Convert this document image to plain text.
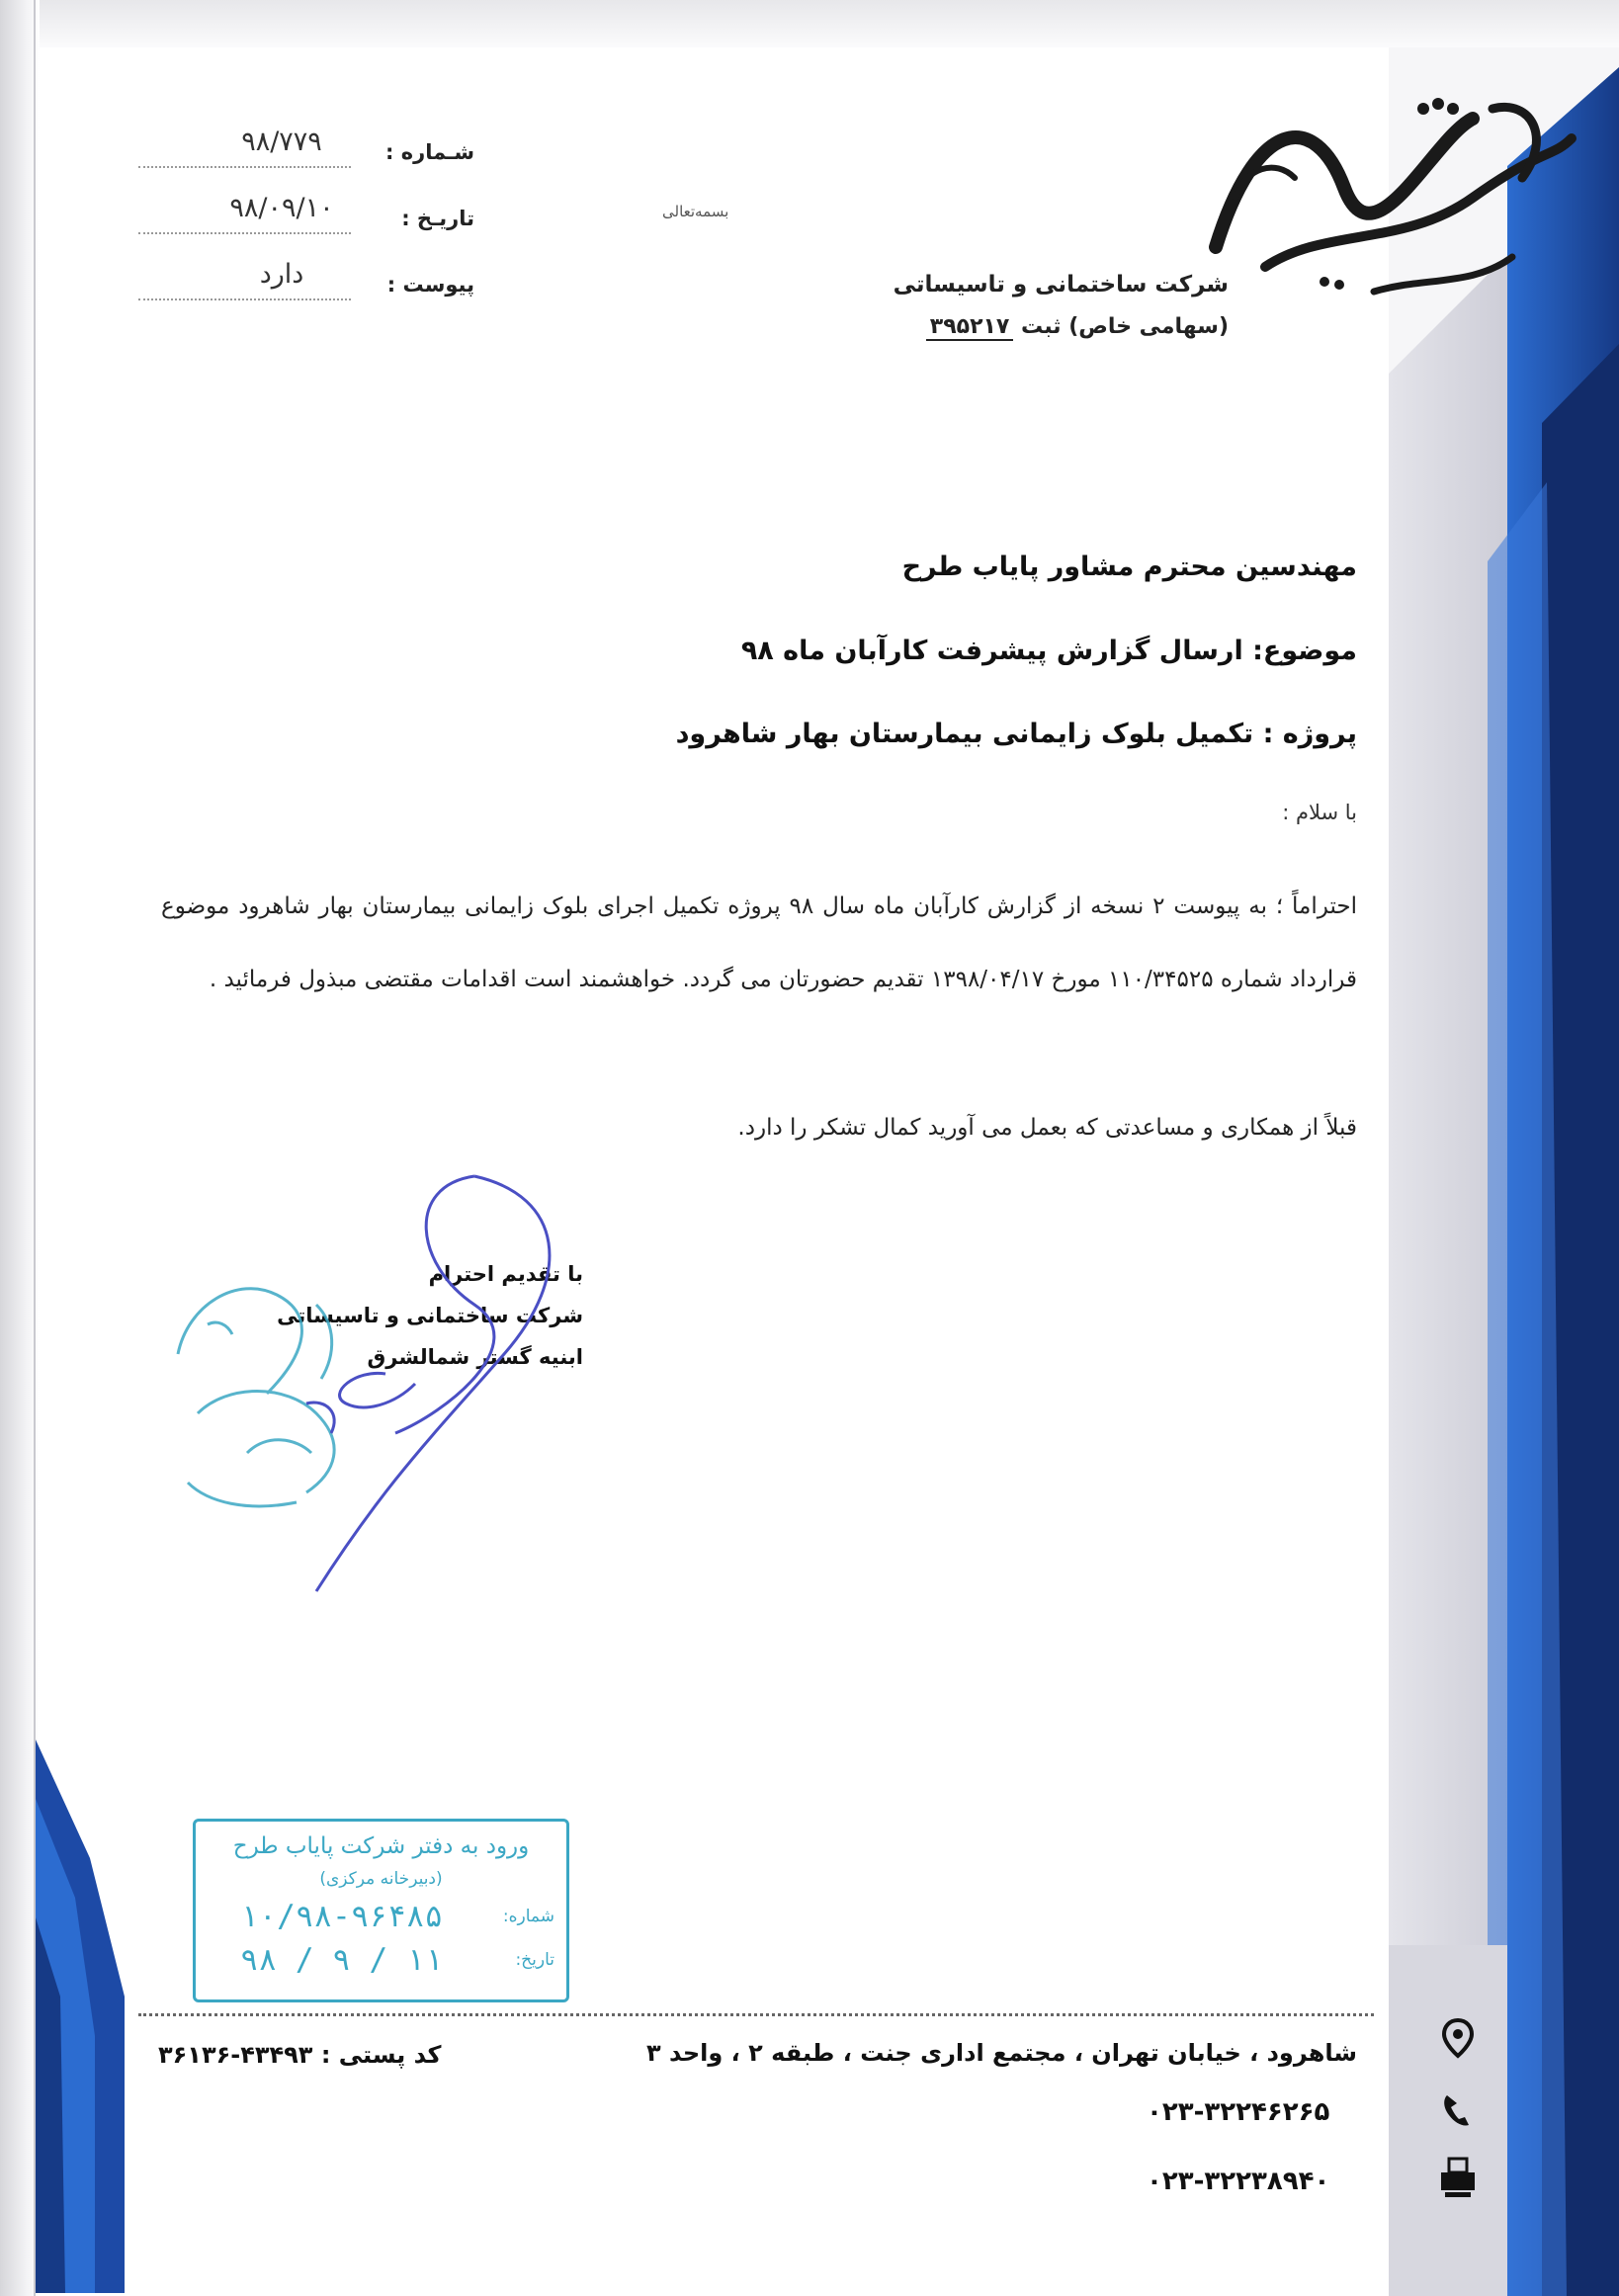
بسمه‌تعالی
شرکت ساختمانی و تاسیساتی
(سهامی خاص) ثبت ۳۹۵۲۱۷
شـماره :
۹۸/۷۷۹
تاریـخ :
۹۸/۰۹/۱۰
پیوست :
دارد
مهندسین محترم مشاور پایاب طرح
موضوع: ارسال گزارش پیشرفت کارآبان ماه ۹۸
پروژه : تکمیل بلوک زایمانی بیمارستان بهار شاهرود
با سلام :
احتراماً ؛ به پیوست ۲ نسخه از گزارش کارآبان ماه سال ۹۸ پروژه تکمیل اجرای بلوک زایمانی بیمارستان بهار شاهرود موضوع قرارداد شماره ۱۱۰/۳۴۵۲۵ مورخ ۱۳۹۸/۰۴/۱۷ تقدیم حضورتان می گردد. خواهشمند است اقدامات مقتضی مبذول فرمائید .
قبلاً از همکاری و مساعدتی که بعمل می آورید کمال تشکر را دارد.
با تقدیم احترام
شرکت ساختمانی و تاسیساتی
ابنیه گستر شمالشرق
ورود به دفتر شرکت پایاب طرح
(دبیرخانه مرکزی)
شماره:
۱۰/۹۸-۹۶۴۸۵
تاریخ:
۹۸ / ۹ / ۱۱
شاهرود ، خیابان تهران ، مجتمع اداری جنت ، طبقه ۲ ، واحد ۳
کد پستی : ۳۶۱۳۶-۴۳۴۹۳
۰۲۳-۳۲۲۴۶۲۶۵
۰۲۳-۳۲۲۳۸۹۴۰
